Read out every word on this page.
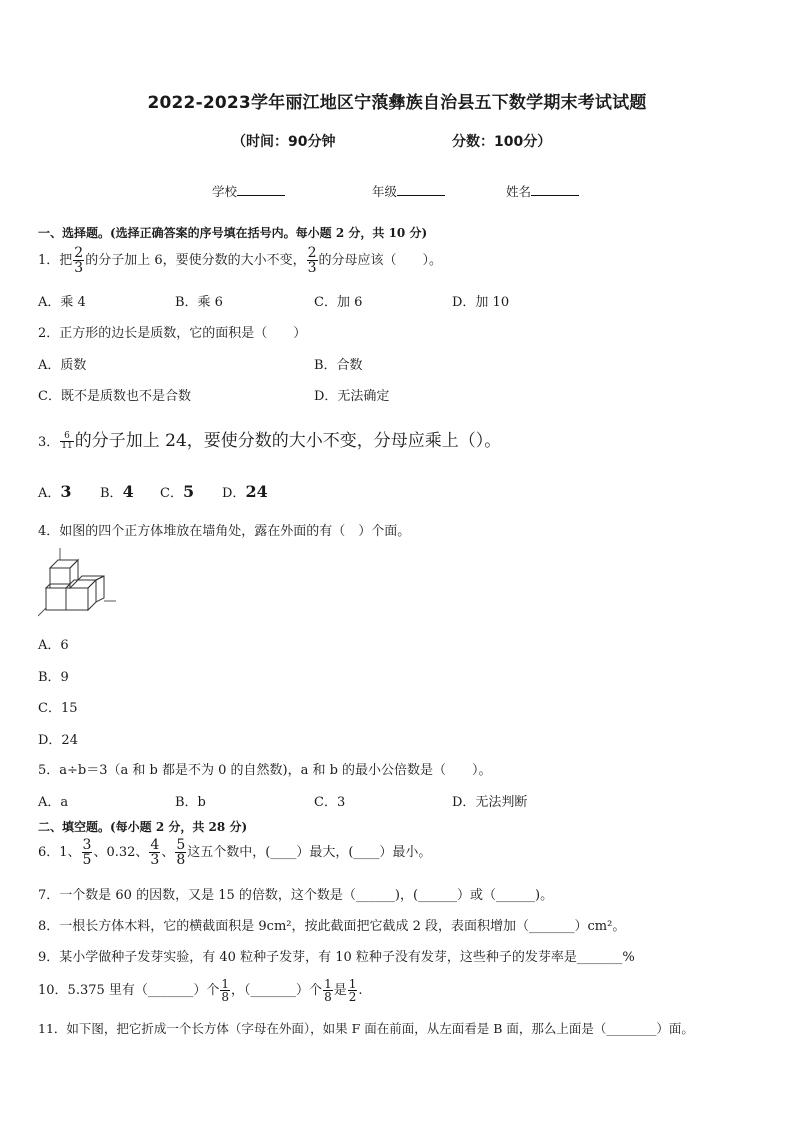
2022-2023学年丽江地区宁蒗彝族自治县五下数学期末考试试题
（时间：90分钟	分数：100分）
学校	年级	姓名
一、选择题。(选择正确答案的序号填在括号内。每小题 2 分，共 10 分)
1．把 $\frac{2}{3}$ 的分子加上 6，要使分数的大小不变， $\frac{2}{3}$ 的分母应该（　　）。
A．乘 4	B．乘 6	C．加 6	D．加 10
2．正方形的边长是质数，它的面积是（　　）
A．质数	B．合数
C．既不是质数也不是合数	D．无法确定
3． $\frac{6}{11}$ 的分子加上 24，要使分数的大小不变，分母应乘上（）。
A．3 B．4 C．5 D．24
4．如图的四个正方体堆放在墙角处，露在外面的有（　）个面。
A．6
B．9
C．15
D．24
5．a÷b＝3（a 和 b 都是不为 0 的自然数)，a 和 b 的最小公倍数是（　　）。
A．a	B．b	C．3	D．无法判断
二、填空题。(每小题 2 分，共 28 分)
6．1、 $\frac{3}{5}$ 、0.32、 $\frac{4}{3}$ 、 $\frac{5}{8}$ 这五个数中，(____）最大，(____）最小。
7．一个数是 60 的因数，又是 15 的倍数，这个数是（______)，(______）或（______)。
8．一根长方体木料，它的横截面积是 9cm²，按此截面把它截成 2 段，表面积增加（_______）cm²。
9．某小学做种子发芽实验，有 40 粒种子发芽，有 10 粒种子没有发芽，这些种子的发芽率是_______%
10．5.375 里有（_______）个 $\frac{1}{8}$ ，（_______）个 $\frac{1}{8}$ 是 $\frac{1}{2}$ .
11．如下图，把它折成一个长方体（字母在外面），如果 F 面在前面，从左面看是 B 面，那么上面是（________）面。
